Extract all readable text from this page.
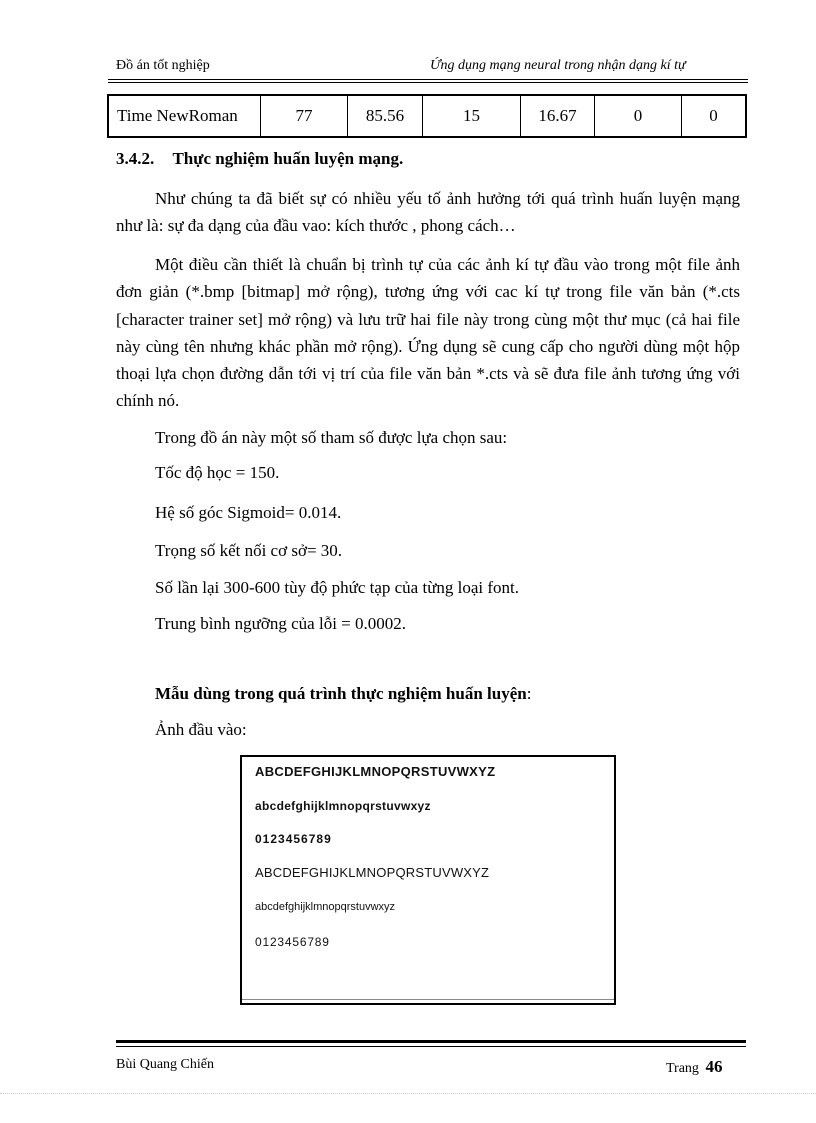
Đồ án tốt nghiệp	Ứng dụng mạng neural trong nhận dạng kí tự
Time NewRoman	77	85.56	15	16.67	0	0
3.4.2. Thực nghiệm huấn luyện mạng.
Như chúng ta đã biết sự có nhiều yếu tố ảnh hưởng tới quá trình huấn luyện mạng như là: sự đa dạng của đầu vao: kích thước , phong cách…
Một điều cần thiết là chuẩn bị trình tự của các ảnh kí tự đầu vào trong một file ảnh đơn giản (*.bmp [bitmap] mở rộng), tương ứng với cac kí tự trong file văn bản (*.cts [character trainer set] mở rộng) và lưu trữ hai file này trong cùng một thư mục (cả hai file này cùng tên nhưng khác phần mở rộng). Ứng dụng sẽ cung cấp cho người dùng một hộp thoại lựa chọn đường dẫn tới vị trí của file văn bản *.cts và sẽ đưa file ảnh tương ứng với chính nó.
Trong đồ án này một số tham số được lựa chọn sau:
Tốc độ học = 150.
Hệ số góc Sigmoid= 0.014.
Trọng số kết nối cơ sở= 30.
Số lần lại 300-600 tùy độ phức tạp của từng loại font.
Trung bình ngưỡng của lỗi = 0.0002.
Mẫu dùng trong quá trình thực nghiệm huấn luyện:
Ảnh đầu vào:
ABCDEFGHIJKLMNOPQRSTUVWXYZ
abcdefghijklmnopqrstuvwxyz
0123456789
ABCDEFGHIJKLMNOPQRSTUVWXYZ
abcdefghijklmnopqrstuvwxyz
0123456789
Bùi Quang Chiến	Trang 46
